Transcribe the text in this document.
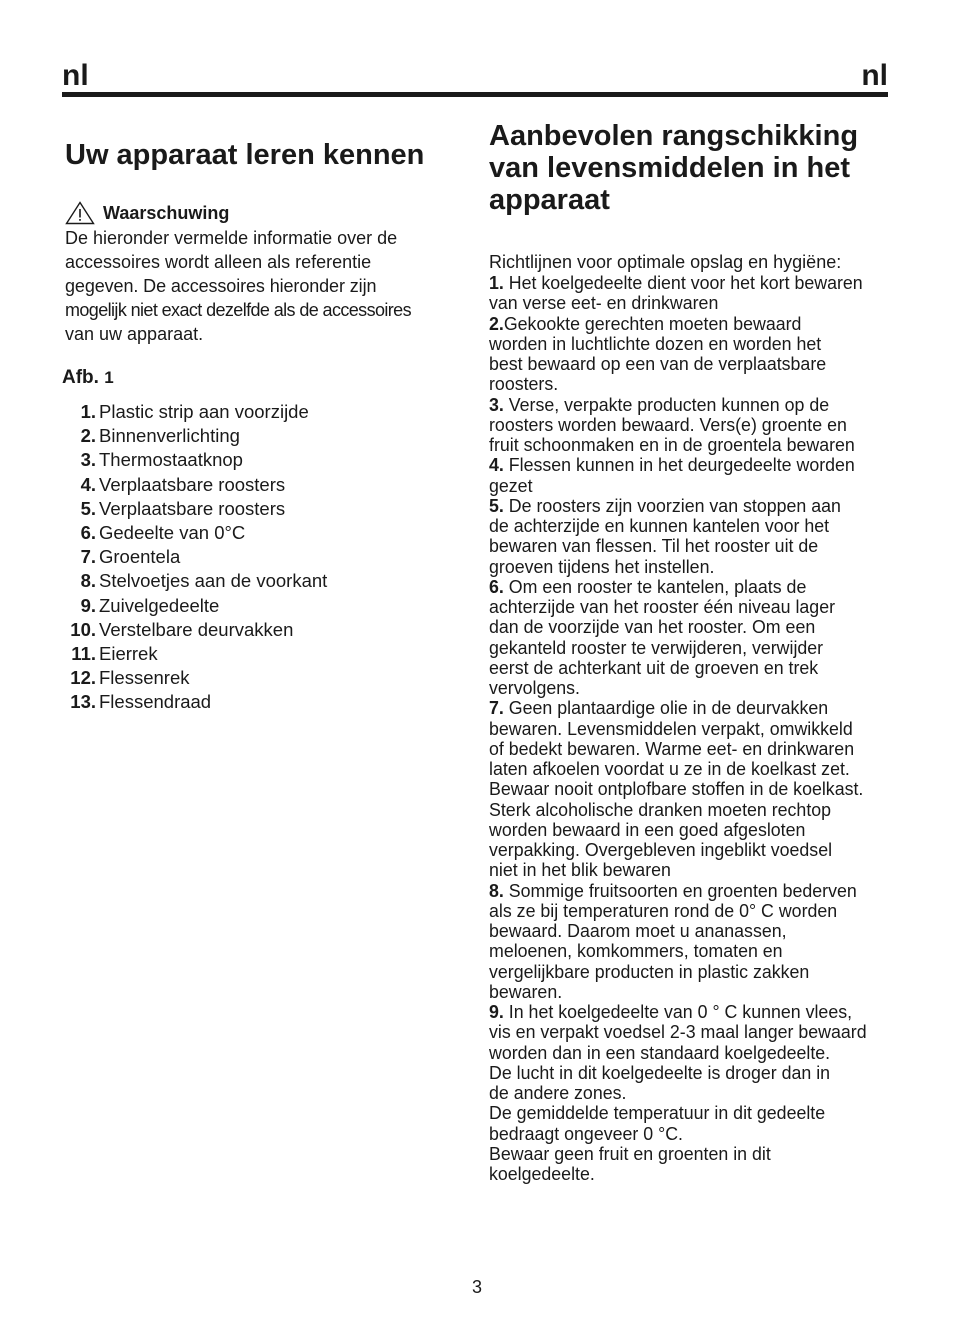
nl	nl
Uw apparaat leren kennen
Waarschuwing
De hieronder vermelde informatie over de
accessoires wordt alleen als referentie
gegeven. De accessoires hieronder zijn
mogelijk niet exact dezelfde als de accessoires
van uw apparaat.
Afb. 1
1. Plastic strip aan voorzijde
2. Binnenverlichting
3. Thermostaatknop
4. Verplaatsbare roosters
5. Verplaatsbare roosters
6. Gedeelte van 0°C
7. Groentela
8. Stelvoetjes aan de voorkant
9. Zuivelgedeelte
10. Verstelbare deurvakken
11. Eierrek
12. Flessenrek
13. Flessendraad
Aanbevolen rangschikking
van levensmiddelen in het
apparaat
Richtlijnen voor optimale opslag en hygiëne:
1. Het koelgedeelte dient voor het kort bewaren
van verse eet- en drinkwaren
2.Gekookte gerechten moeten bewaard
worden in luchtlichte dozen en worden het
best bewaard op een van de verplaatsbare
roosters.
3. Verse, verpakte producten kunnen op de
roosters worden bewaard. Vers(e) groente en
fruit schoonmaken en in de groentela bewaren
4. Flessen kunnen in het deurgedeelte worden
gezet
5. De roosters zijn voorzien van stoppen aan
de achterzijde en kunnen kantelen voor het
bewaren van flessen. Til het rooster uit de
groeven tijdens het instellen.
6. Om een rooster te kantelen, plaats de
achterzijde van het rooster één niveau lager
dan de voorzijde van het rooster. Om een
gekanteld rooster te verwijderen, verwijder
eerst de achterkant uit de groeven en trek
vervolgens.
7. Geen plantaardige olie in de deurvakken
bewaren. Levensmiddelen verpakt, omwikkeld
of bedekt bewaren. Warme eet- en drinkwaren
laten afkoelen voordat u ze in de koelkast zet.
Bewaar nooit ontplofbare stoffen in de koelkast.
Sterk alcoholische dranken moeten rechtop
worden bewaard in een goed afgesloten
verpakking. Overgebleven ingeblikt voedsel
niet in het blik bewaren
8. Sommige fruitsoorten en groenten bederven
als ze bij temperaturen rond de 0° C worden
bewaard. Daarom moet u ananassen,
meloenen, komkommers, tomaten en
vergelijkbare producten in plastic zakken
bewaren.
9. In het koelgedeelte van 0 ° C kunnen vlees,
vis en verpakt voedsel 2-3 maal langer bewaard
worden dan in een standaard koelgedeelte.
De lucht in dit koelgedeelte is droger dan in
de andere zones.
De gemiddelde temperatuur in dit gedeelte
bedraagt ongeveer 0 °C.
Bewaar geen fruit en groenten in dit
koelgedeelte.
3
